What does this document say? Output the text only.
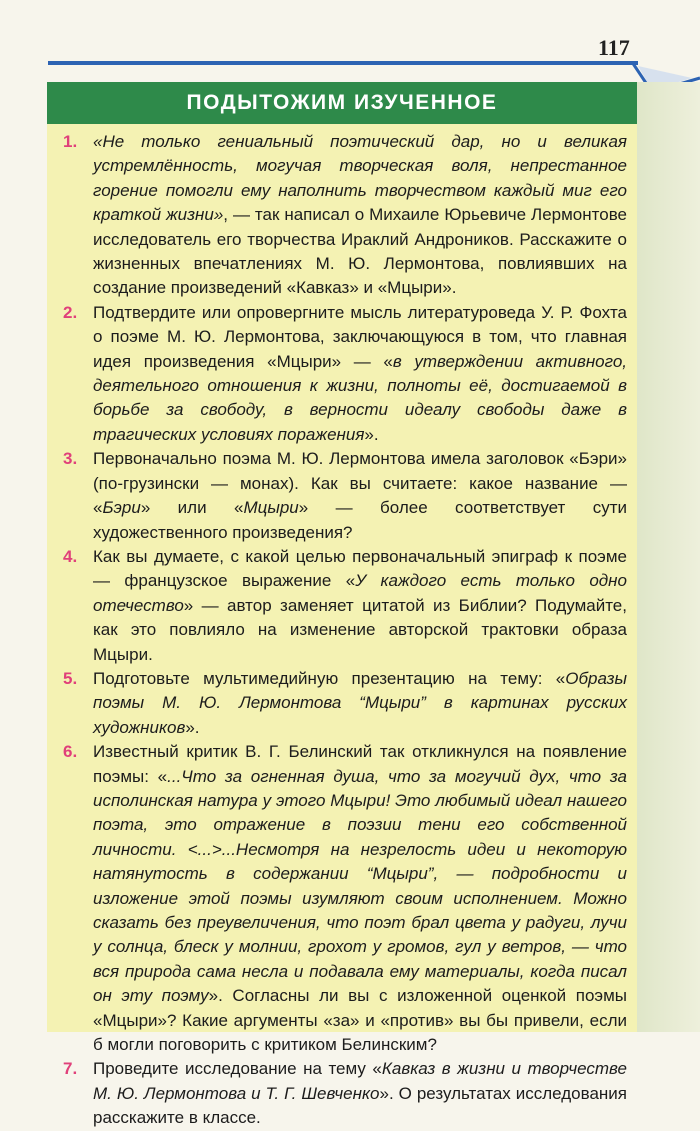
117
ПОДЫТОЖИМ ИЗУЧЕННОЕ
1. «Не только гениальный поэтический дар, но и великая устремлённость, могучая творческая воля, непрестанное горение помогли ему наполнить творчеством каждый миг его краткой жизни», — так написал о Михаиле Юрьевиче Лермонтове исследователь его творчества Ираклий Андроников. Расскажите о жизненных впечатлениях М. Ю. Лермонтова, повлиявших на создание произведений «Кавказ» и «Мцыри».

2. Подтвердите или опровергните мысль литературоведа У. Р. Фохта о поэме М. Ю. Лермонтова, заключающуюся в том, что главная идея произведения «Мцыри» — «в утверждении активного, деятельного отношения к жизни, полноты её, достигаемой в борьбе за свободу, в верности идеалу свободы даже в трагических условиях поражения».

3. Первоначально поэма М. Ю. Лермонтова имела заголовок «Бэри» (по-грузински — монах). Как вы считаете: какое название — «Бэри» или «Мцыри» — более соответствует сути художественного произведения?

4. Как вы думаете, с какой целью первоначальный эпиграф к поэме — французское выражение «У каждого есть только одно отечество» — автор заменяет цитатой из Библии? Подумайте, как это повлияло на изменение авторской трактовки образа Мцыри.

5. Подготовьте мультимедийную презентацию на тему: «Образы поэмы М. Ю. Лермонтова “Мцыри” в картинах русских художников».

6. Известный критик В. Г. Белинский так откликнулся на появление поэмы: «...Что за огненная душа, что за могучий дух, что за исполинская натура у этого Мцыри! Это любимый идеал нашего поэта, это отражение в поэзии тени его собственной личности. <...>...Несмотря на незрелость идеи и некоторую натянутость в содержании “Мцыри”, — подробности и изложение этой поэмы изумляют своим исполнением. Можно сказать без преувеличения, что поэт брал цвета у радуги, лучи у солнца, блеск у молнии, грохот у громов, гул у ветров, — что вся природа сама несла и подавала ему материалы, когда писал он эту поэму». Согласны ли вы с изложенной оценкой поэмы «Мцыри»? Какие аргументы «за» и «против» вы бы привели, если б могли поговорить с критиком Белинским?

7. Проведите исследование на тему «Кавказ в жизни и творчестве М. Ю. Лермонтова и Т. Г. Шевченко». О результатах исследования расскажите в классе.
